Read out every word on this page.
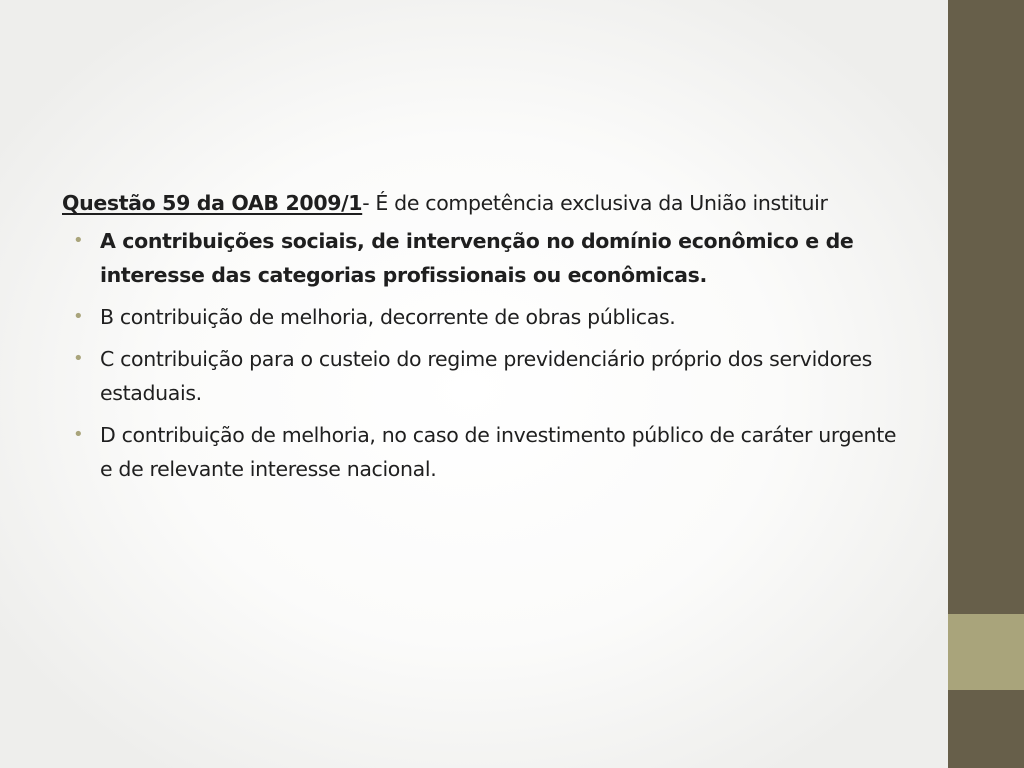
Questão 59 da OAB 2009/1- É de competência exclusiva da União instituir

• A contribuições sociais, de intervenção no domínio econômico e de interesse das categorias profissionais ou econômicas.
• B contribuição de melhoria, decorrente de obras públicas.
• C contribuição para o custeio do regime previdenciário próprio dos servidores estaduais.
• D contribuição de melhoria, no caso de investimento público de caráter urgente e de relevante interesse nacional.
